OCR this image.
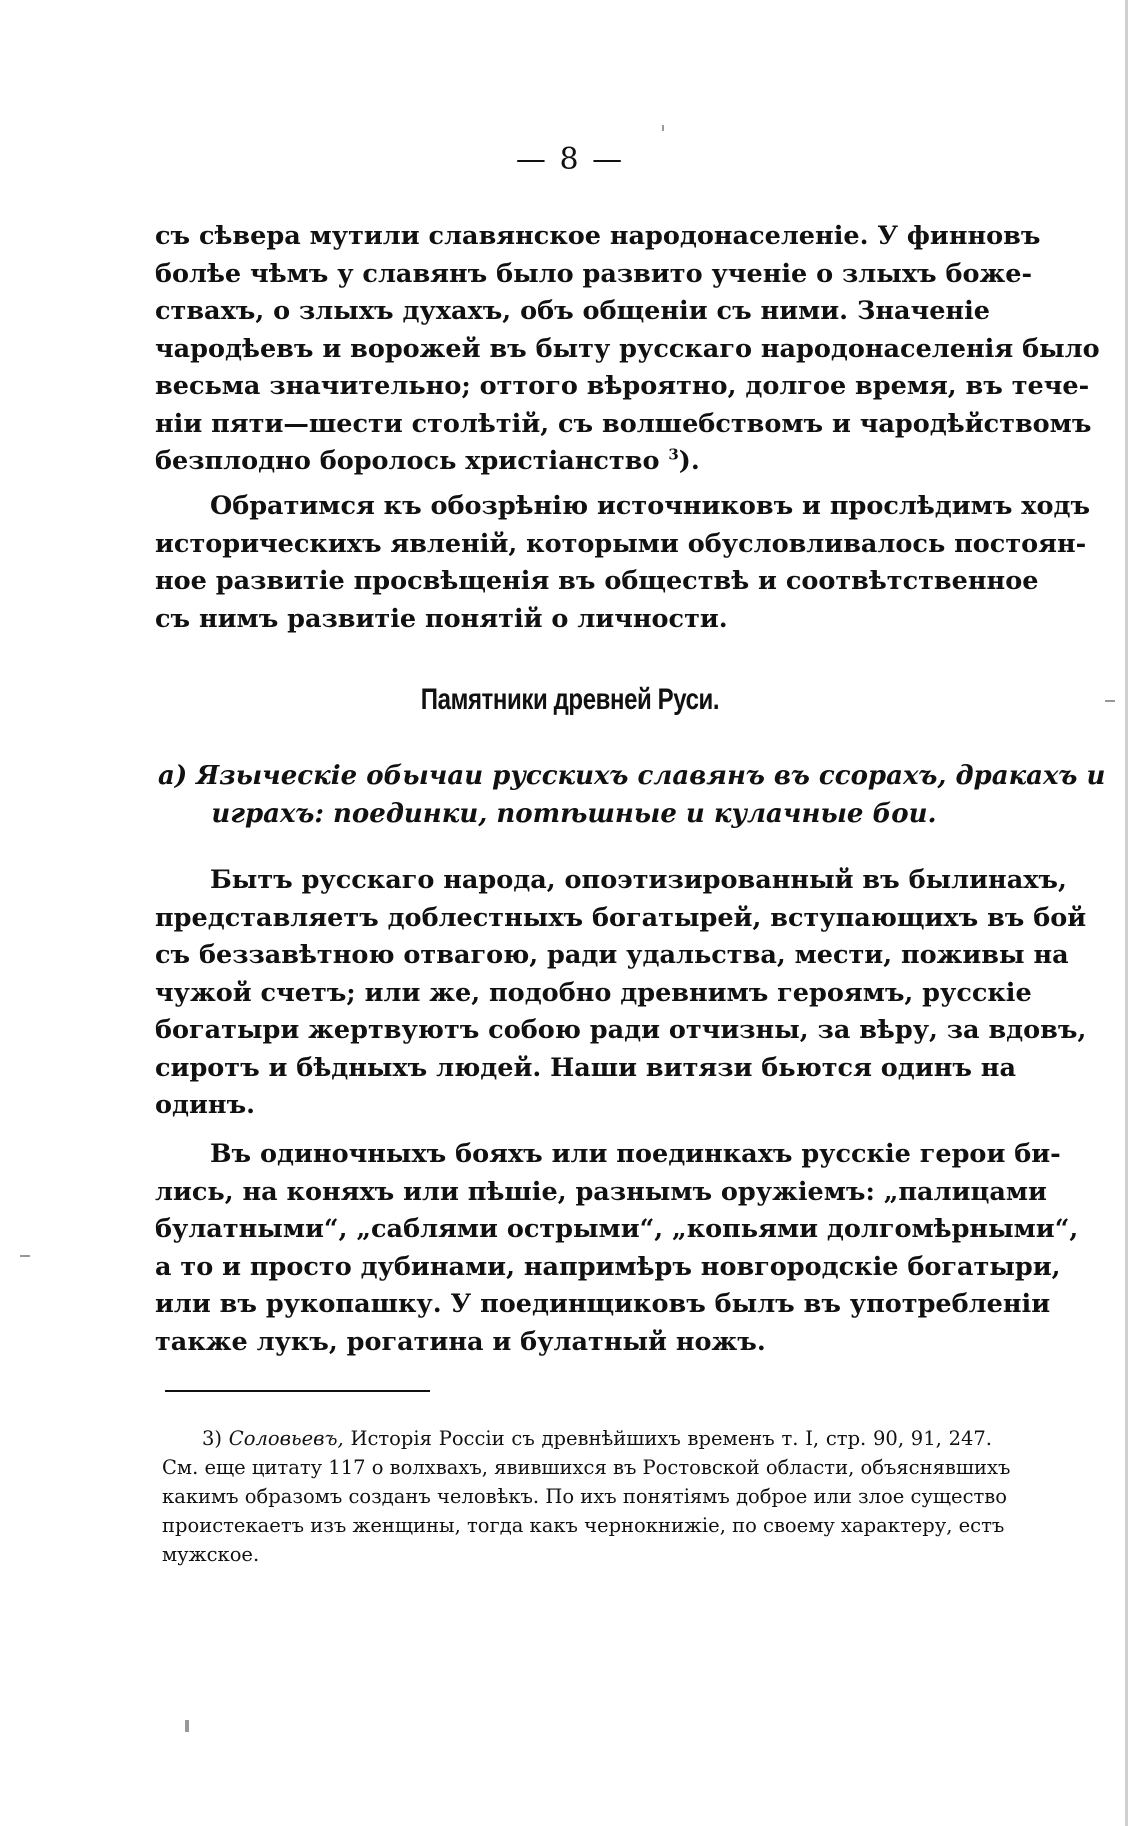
— 8 —
съ сѣвера мутили славянское народонаселеніе. У финновъ
болѣе чѣмъ у славянъ было развито ученіе о злыхъ боже-
ствахъ, о злыхъ духахъ, объ общеніи съ ними. Значеніе
чародѣевъ и ворожей въ быту русскаго народонаселенія было
весьма значительно; оттого вѣроятно, долгое время, въ тече-
ніи пяти—шести столѣтій, съ волшебствомъ и чародѣйствомъ
безплодно боролось христіанство $^3$).
Обратимся къ обозрѣнію источниковъ и прослѣдимъ ходъ
историческихъ явленій, которыми обусловливалось постоян-
ное развитіе просвѣщенія въ обществѣ и соотвѣтственное
съ нимъ развитіе понятій о личности.
Памятники древней Руси.
а) Языческіе обычаи русскихъ славянъ въ ссорахъ, дракахъ и
играхъ: поединки, потѣшные и кулачные бои.
Бытъ русскаго народа, опоэтизированный въ былинахъ,
представляетъ доблестныхъ богатырей, вступающихъ въ бой
съ беззавѣтною отвагою, ради удальства, мести, поживы на
чужой счетъ; или же, подобно древнимъ героямъ, русскіе
богатыри жертвуютъ собою ради отчизны, за вѣру, за вдовъ,
сиротъ и бѣдныхъ людей. Наши витязи бьются одинъ на
одинъ.
Въ одиночныхъ бояхъ или поединкахъ русскіе герои би-
лись, на коняхъ или пѣшіе, разнымъ оружіемъ: „палицами
булатными“, „саблями острыми“, „копьями долгомѣрными“,
а то и просто дубинами, напримѣръ новгородскіе богатыри,
или въ рукопашку. У поединщиковъ былъ въ употребленіи
также лукъ, рогатина и булатный ножъ.
3) Соловьевъ, Исторія Россіи съ древнѣйшихъ временъ т. I, стр. 90, 91, 247.
См. еще цитату 117 о волхвахъ, явившихся въ Ростовской области, объяснявшихъ
какимъ образомъ созданъ человѣкъ. По ихъ понятіямъ доброе или злое существо
проистекаетъ изъ женщины, тогда какъ чернокнижіе, по своему характеру, естъ
мужское.
